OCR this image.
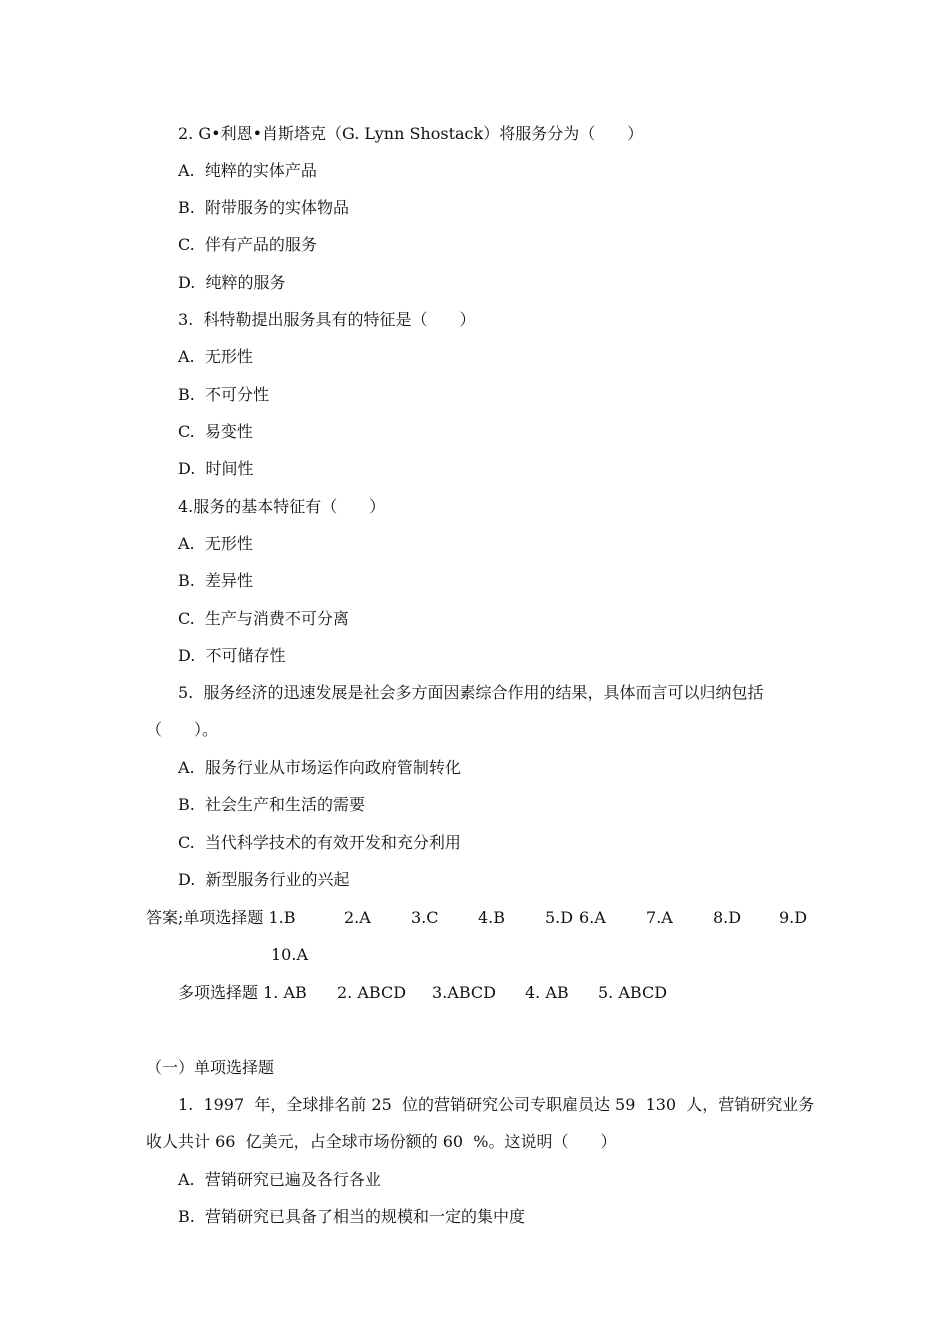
2. G•利恩•肖斯塔克（G. Lynn Shostack）将服务分为（　　）
A.  纯粹的实体产品
B.  附带服务的实体物品
C.  伴有产品的服务
D.  纯粹的服务
3.  科特勒提出服务具有的特征是（　　）
A.  无形性
B.  不可分性
C.  易变性
D.  时间性
4.服务的基本特征有（　　）
A.  无形性
B.  差异性
C.  生产与消费不可分离
D.  不可储存性
5.  服务经济的迅速发展是社会多方面因素综合作用的结果，具体而言可以归纳包括
（　　）。
A.  服务行业从市场运作向政府管制转化
B.  社会生产和生活的需要
C.  当代科学技术的有效开发和充分利用
D.  新型服务行业的兴起
答案;单项选择题 1.B	2.A	3.C 4.B 5.D 6.A	7.A	8.D 9.D
10.A
多项选择题 1. AB 2. ABCD 3.ABCD 4. AB 5. ABCD
（一）单项选择题
1.  1997  年，全球排名前 25  位的营销研究公司专职雇员达 59  130  人，营销研究业务
收人共计 66  亿美元，占全球市场份额的 60  %。这说明（　　）
A.  营销研究已遍及各行各业
B.  营销研究已具备了相当的规模和一定的集中度
